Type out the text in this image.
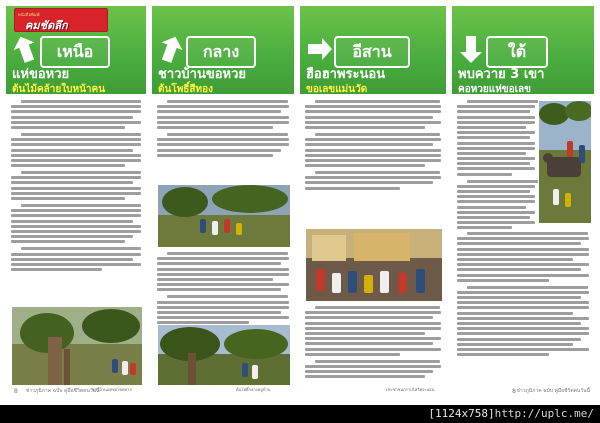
หนังสือพิมพ์
คมชัดลึก
เหนือ
แห่ขอหวย
ต้นไม้คล้ายใบหน้าคน
ชาวบ้านแห่ขอโชคลาภ
8 ข่าวภูมิภาค ฉบับ คู่มือชีวิตคนวันนี้
กลาง
ชาวบ้านขอหวย
ต้นโพธิ์สีทอง
ต้นโพธิ์กลางหมู่บ้าน
อีสาน
ฮือฮาพระนอน
ขอเลขแม่นวัด
ประชาชนกราบไหว้พระนอน
ใต้
พบควาย 3 เขา
คอหวยแห่ขอเลข
8 ข่าวภูมิภาค ฉบับ คู่มือชีวิตคนวันนี้
[1124x758]http://uplc.me/
